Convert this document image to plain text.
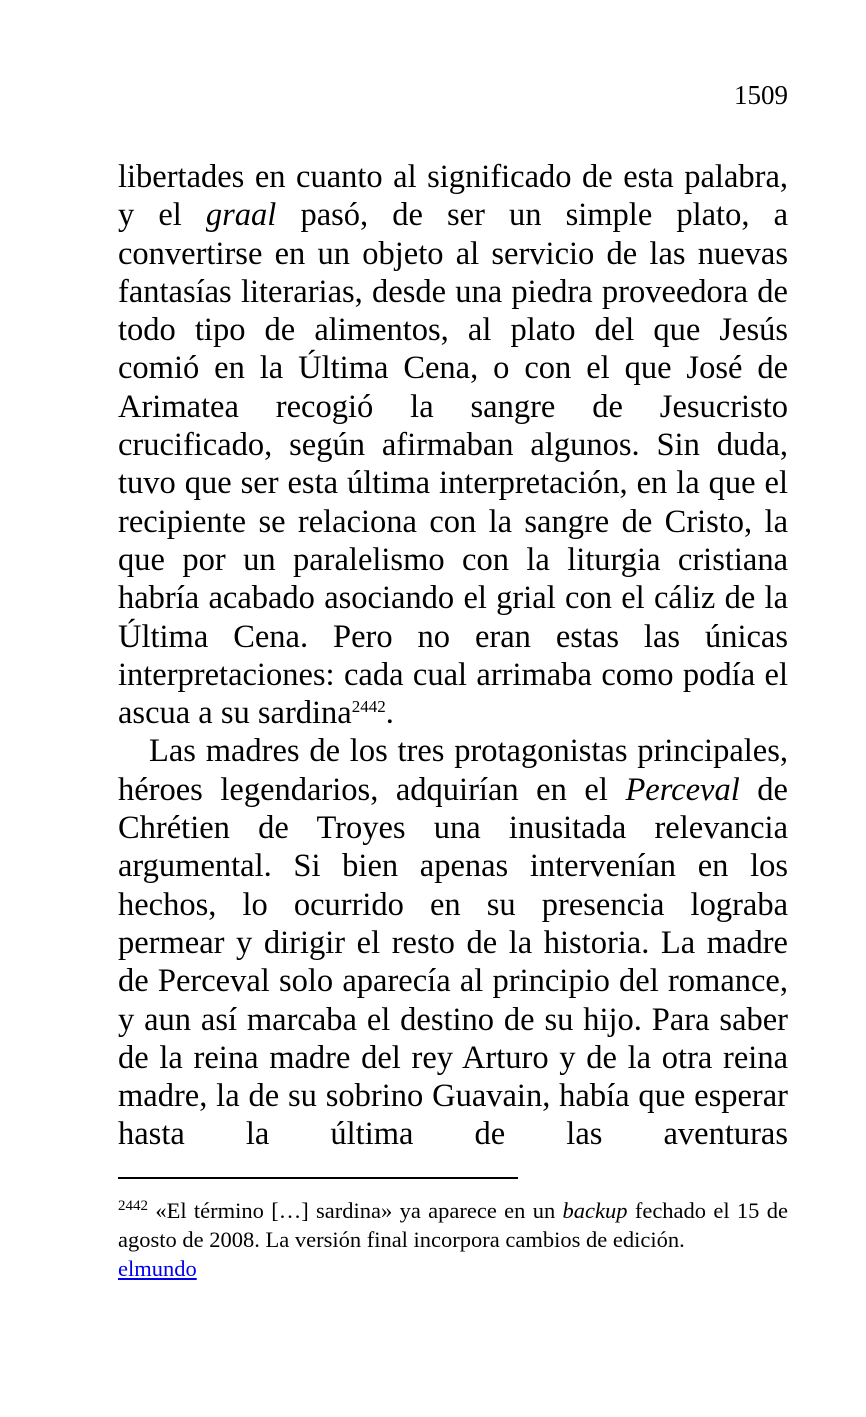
1509

libertades en cuanto al significado de esta palabra, y el graal pasó, de ser un simple plato, a convertirse en un objeto al servicio de las nuevas fantasías literarias, desde una piedra proveedora de todo tipo de alimentos, al plato del que Jesús comió en la Última Cena, o con el que José de Arimatea recogió la sangre de Jesucristo crucificado, según afirmaban algunos. Sin duda, tuvo que ser esta última interpretación, en la que el recipiente se relaciona con la sangre de Cristo, la que por un paralelismo con la liturgia cristiana habría acabado asociando el grial con el cáliz de la Última Cena. Pero no eran estas las únicas interpretaciones: cada cual arrimaba como podía el ascua a su sardina$^{2442}$.

Las madres de los tres protagonistas principales, héroes legendarios, adquirían en el Perceval de Chrétien de Troyes una inusitada relevancia argumental. Si bien apenas intervenían en los hechos, lo ocurrido en su presencia lograba permear y dirigir el resto de la historia. La madre de Perceval solo aparecía al principio del romance, y aun así marcaba el destino de su hijo. Para saber de la reina madre del rey Arturo y de la otra reina madre, la de su sobrino Guavain, había que esperar hasta la última de las aventuras

$^{2442}$ «El término […] sardina» ya aparece en un backup fechado el 15 de agosto de 2008. La versión final incorpora cambios de edición.

elmundo
